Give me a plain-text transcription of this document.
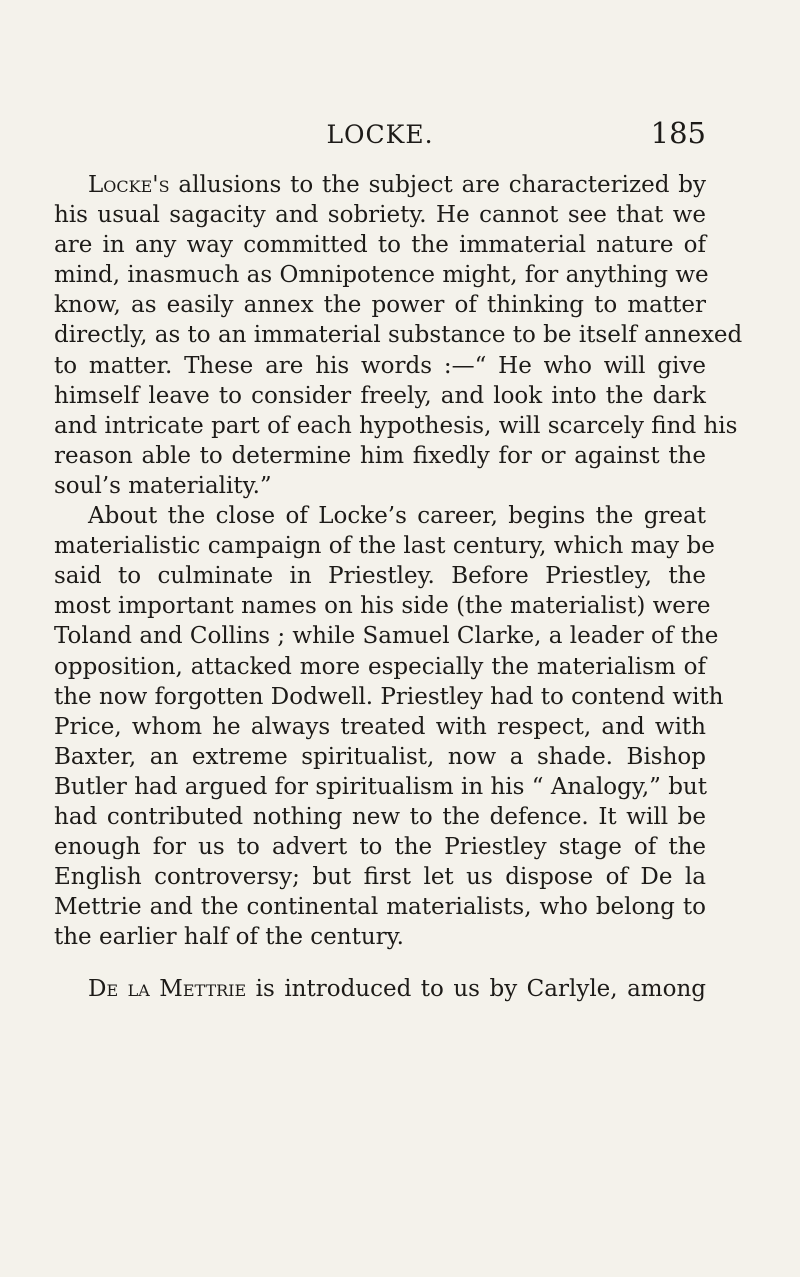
LOCKE.	185
Locke's allusions to the subject are characterized by
his usual sagacity and sobriety. He cannot see that we
are in any way committed to the immaterial nature of
mind, inasmuch as Omnipotence might, for anything we
know, as easily annex the power of thinking to matter
directly, as to an immaterial substance to be itself annexed
to matter. These are his words :—“ He who will give
himself leave to consider freely, and look into the dark
and intricate part of each hypothesis, will scarcely find his
reason able to determine him fixedly for or against the
soul’s materiality.”
About the close of Locke’s career, begins the great
materialistic campaign of the last century, which may be
said to culminate in Priestley. Before Priestley, the
most important names on his side (the materialist) were
Toland and Collins ; while Samuel Clarke, a leader of the
opposition, attacked more especially the materialism of
the now forgotten Dodwell. Priestley had to contend with
Price, whom he always treated with respect, and with
Baxter, an extreme spiritualist, now a shade. Bishop
Butler had argued for spiritualism in his “ Analogy,” but
had contributed nothing new to the defence. It will be
enough for us to advert to the Priestley stage of the
English controversy; but first let us dispose of De la
Mettrie and the continental materialists, who belong to
the earlier half of the century.
De la Mettrie is introduced to us by Carlyle, among
